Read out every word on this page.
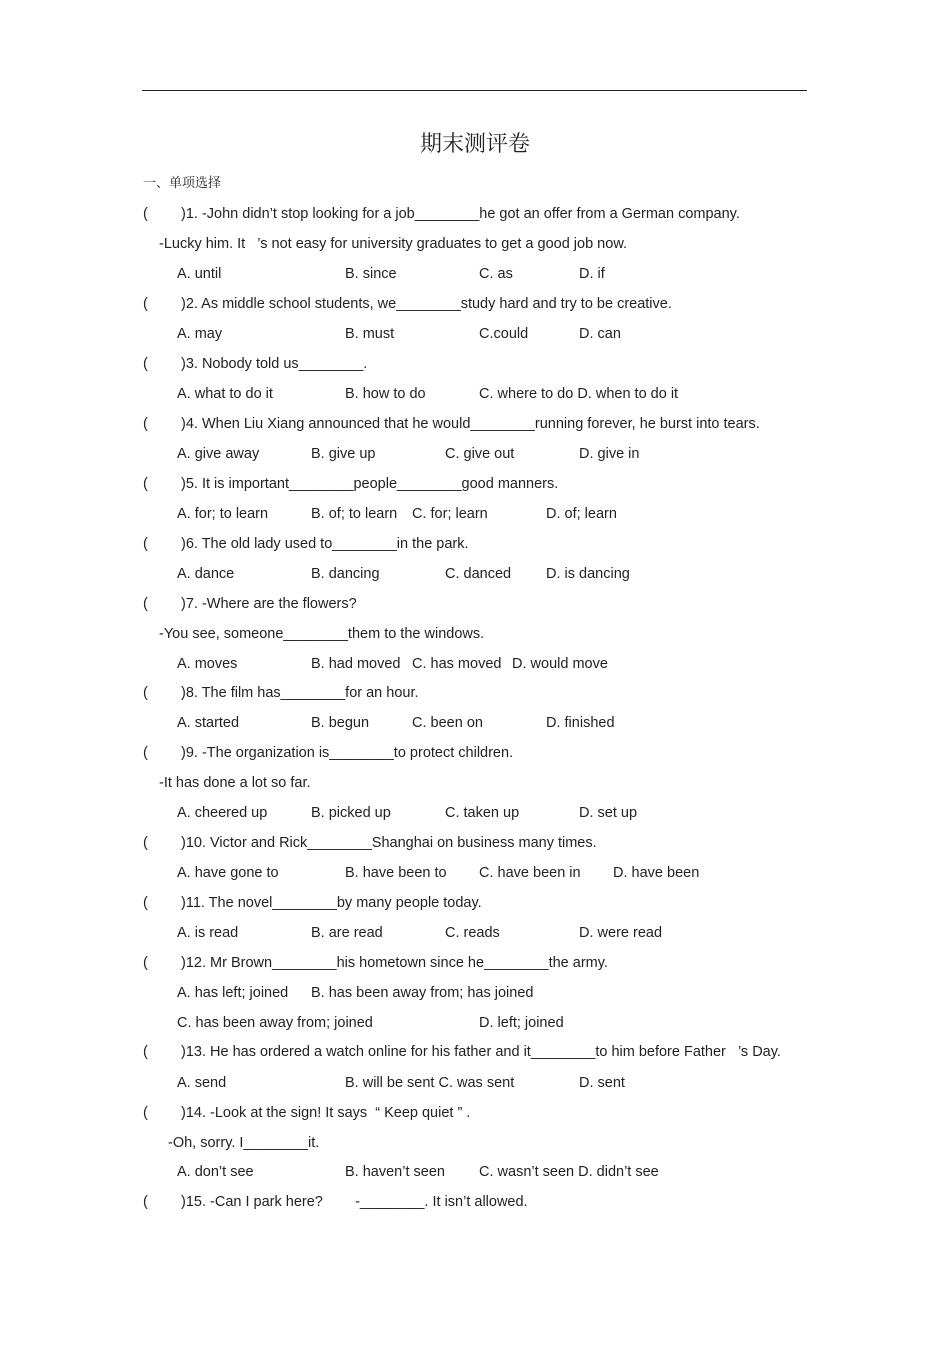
期末测评卷
一、单项选择
( )1. -John didn’t stop looking for a job________he got an offer from a German company.
-Lucky him. It   ’s not easy for university graduates to get a good job now.
A. until	B. since	C. as	D. if
( )2. As middle school students, we________study hard and try to be creative.
A. may	B. must	C.could	D. can
( )3. Nobody told us________.
A. what to do it	B. how to do	C. where to do D. when to do it
( )4. When Liu Xiang announced that he would________running forever, he burst into tears.
A. give away	B. give up	C. give out	D. give in
( )5. It is important________people________good manners.
A. for; to learn	B. of; to learn C. for; learn	D. of; learn
( )6. The old lady used to________in the park.
A. dance	B. dancing	C. danced D. is dancing
( )7. -Where are the flowers?
-You see, someone________them to the windows.
A. moves	B. had moved C. has moved D. would move
( )8. The film has________for an hour.
A. started	B. begun	C. been on	D. finished
( )9. -The organization is________to protect children.
-It has done a lot so far.
A. cheered up	B. picked up	C. taken up	D. set up
( )10. Victor and Rick________Shanghai on business many times.
A. have gone to	B. have been to C. have been in D. have been
( )11. The novel________by many people today.
A. is read	B. are read	C. reads	D. were read
( )12. Mr Brown________his hometown since he________the army.
A. has left; joined B. has been away from; has joined
C. has been away from; joined	D. left; joined
( )13. He has ordered a watch online for his father and it________to him before Father   ’s Day.
A. send	B. will be sent C. was sent	D. sent
( )14. -Look at the sign! It says  “ Keep quiet ” .
-Oh, sorry. I________it.
A. don’t see	B. haven’t seen C. wasn’t seen D. didn’t see
( )15. -Can I park here?        -________. It isn’t allowed.
